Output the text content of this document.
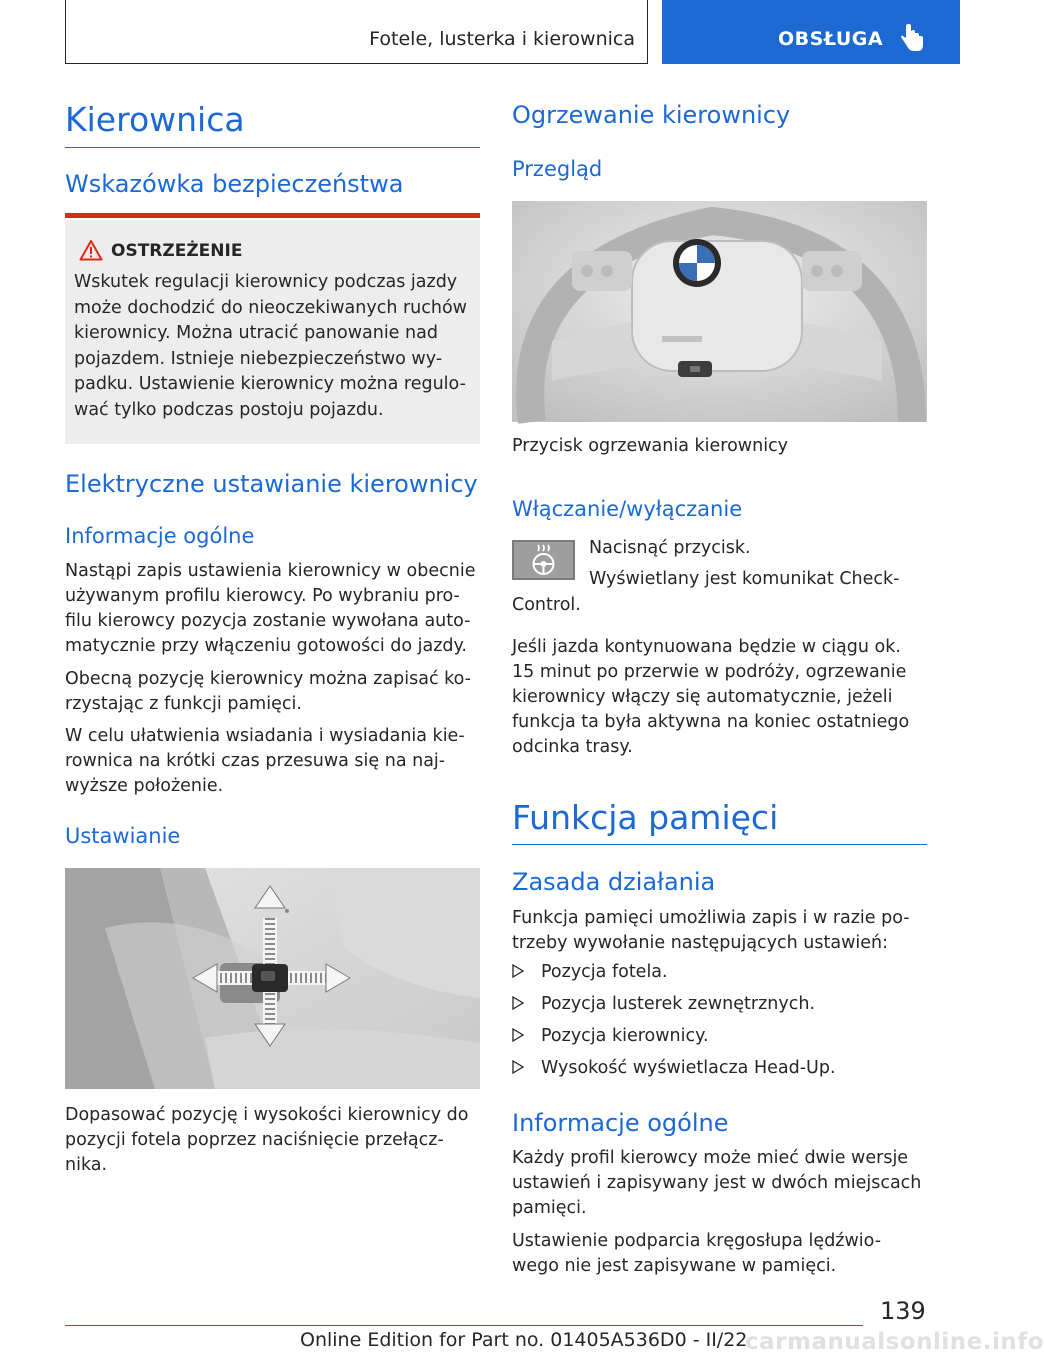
Fotele, lusterka i kierownica	OBSŁUGA
Kierownica
Wskazówka bezpieczeństwa
OSTRZEŻENIE
Wskutek regulacji kierownicy podczas jazdy
może dochodzić do nieoczekiwanych ruchów
kierownicy. Można utracić panowanie nad
pojazdem. Istnieje niebezpieczeństwo wy-
padku. Ustawienie kierownicy można regulo-
wać tylko podczas postoju pojazdu.
Elektryczne ustawianie kierownicy
Informacje ogólne
Nastąpi zapis ustawienia kierownicy w obecnie
używanym profilu kierowcy. Po wybraniu pro-
filu kierowcy pozycja zostanie wywołana auto-
matycznie przy włączeniu gotowości do jazdy.
Obecną pozycję kierownicy można zapisać ko-
rzystając z funkcji pamięci.
W celu ułatwienia wsiadania i wysiadania kie-
rownica na krótki czas przesuwa się na naj-
wyższe położenie.
Ustawianie
Dopasować pozycję i wysokości kierownicy do
pozycji fotela poprzez naciśnięcie przełącz-
nika.
Ogrzewanie kierownicy
Przegląd
Przycisk ogrzewania kierownicy
Włączanie/wyłączanie
Nacisnąć przycisk.
Wyświetlany jest komunikat Check-
Control.
Jeśli jazda kontynuowana będzie w ciągu ok.
15 minut po przerwie w podróży, ogrzewanie
kierownicy włączy się automatycznie, jeżeli
funkcja ta była aktywna na koniec ostatniego
odcinka trasy.
Funkcja pamięci
Zasada działania
Funkcja pamięci umożliwia zapis i w razie po-
trzeby wywołanie następujących ustawień:
Pozycja fotela.
Pozycja lusterek zewnętrznych.
Pozycja kierownicy.
Wysokość wyświetlacza Head-Up.
Informacje ogólne
Każdy profil kierowcy może mieć dwie wersje
ustawień i zapisywany jest w dwóch miejscach
pamięci.
Ustawienie podparcia kręgosłupa lędźwio-
wego nie jest zapisywane w pamięci.
139
Online Edition for Part no. 01405A536D0 - II/22
carmanualsonline.info
